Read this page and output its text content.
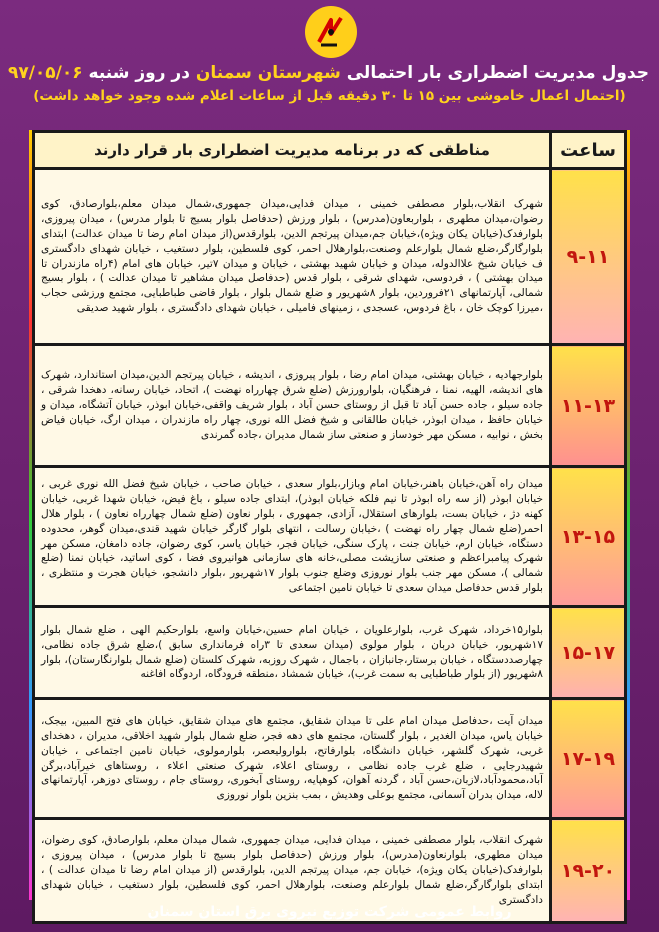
جدول مدیریت اضطراری بار احتمالی شهرستان سمنان در روز شنبه ۹۷/۰۵/۰۶
(احتمال اعمال خاموشی بین ۱۵ تا ۳۰ دقیقه قبل از ساعات اعلام شده وجود خواهد داشت)
ساعت	مناطقی که در برنامه مدیریت اضطراری بار قرار دارند
۹-۱۱	شهرک انقلاب،بلوار مصطفی خمینی ، میدان فدایی،میدان جمهوری،شمال میدان معلم،بلوارصادق، کوی رضوان،میدان مطهری ، بلواربعاون(مدرس) ، بلوار ورزش (حدفاصل بلوار بسیج تا بلوار مدرس) ، میدان پیروزی، بلوارفدک(خیابان یکان ویژه)،خیابان جم،میدان پیرتجم الدین، بلوارقدس(از میدان امام رضا تا میدان عدالت) ابتدای بلوارگارگر،ضلع شمال بلوارعلم وصنعت،بلوارهلال احمر، کوی فلسطین، بلوار دستغیب ، خیابان شهدای دادگستری ف خیابان شیخ علاالدوله، میدان و خیابان شهید بهشتی ، خیابان و میدان ۷تیر، خیابان های امام (۴راه مازندران تا میدان بهشتی ) ، فردوسی، شهدای شرقی ، بلوار قدس (حدفاصل میدان مشاهیر تا میدان عدالت ) ، بلوار بسیج شمالی، آپارتمانهای ۲۱فروردین، بلوار ۸شهریور و ضلع شمال بلوار ، بلوار قاضی طباطبایی، مجتمع ورزشی حجاب ،میرزا کوچک خان ، باغ فردوس، عسجدی ، زمینهای فامیلی ، خیابان شهدای دادگستری ، بلوار شهید صدیقی
۱۱-۱۳	بلوارجهادیه ، خیابان بهشتی، میدان امام رضا ، بلوار پیروزی ، اندیشه ، خیابان پیرتجم الدین،میدان استاندارد، شهرک های اندیشه، الهیه، نمنا ، فرهنگیان، بلوارورزش (ضلع شرق چهارراه نهضت )، اتحاد، خیابان رسانه، دهخدا شرقی ، جاده سیلو ، جاده حسن آباد تا قبل از روستای حسن آباد ، بلوار شریف واقفی،خیابان ابوذر، خیابان آتشگاه، میدان و خیابان حافظ ، میدان ابوذر، خیابان طالقانی و شیخ فضل الله نوری، چهار راه مازندران ، میدان ارگ، خیابان فیاض بخش ، نوابیه ، مسکن مهر خودساز و صنعتی ساز شمال مدیران ،جاده گمرندی
۱۳-۱۵	میدان راه آهن،خیابان باهنر،خیابان امام وبازار،بلوار سعدی ، خیابان صاحب ، خیابان شیخ فضل الله نوری غربی ، خیابان ابوذر (از سه راه ابوذر تا نیم فلکه خیابان ابوذر)، ابتدای جاده سیلو ، باغ فیض، خیابان شهدا غربی، خیابان کهنه دژ ، خیابان بست، بلوارهای استقلال، آزادی، جمهوری ، بلوار نعاون (ضلع شمال چهارراه نعاون ) ، بلوار هلال احمر(ضلع شمال چهار راه نهضت ) ،خیابان رسالت ، انتهای بلوار گارگر خیابان شهید قندی،میدان گوهر، محدوده دستگاه، خیابان ارم، خیابان جنت ، پارک سنگی، خیابان فجر، خیابان یاسر، کوی رضوان، جاده دامغان، مسکن مهر شهرک پیامبراعظم و صنعتی سازیشت مصلی،خانه های سازمانی هوانیروی فضا ، کوی اساتید، خیابان نمنا (ضلع شمالی )، مسکن مهر جنب بلوار نوروزی وضلع جنوب بلوار ۱۷شهریور ،بلوار دانشجو، خیابان هجرت و منتظری ، بلوار قدس حدفاصل میدان سعدی تا خیابان نامین اجتماعی
۱۵-۱۷	بلوار۱۵خرداد، شهرک غرب، بلوارعلویان ، خیابان امام حسین،خیابان واسع، بلوارحکیم الهی ، ضلع شمال بلوار ۱۷شهریور، خیابان دربان ، بلوار مولوی (میدان سعدی تا ۳راه فرمانداری سابق )،ضلع شرق جاده نظامی، چهارصددستگاه ، خیابان برستار،جانبازان ، باجمال ، شهرک روزبه، شهرک کلستان (ضلع شمال بلوارنگارستان)، بلوار ۸شهریور (از بلوار طباطبایی به سمت غرب)، خیابان شمشاد ،منطقه فرودگاه، اردوگاه افاغنه
۱۷-۱۹	میدان آیت ،حدفاصل میدان امام علی تا میدان شقایق، مجتمع های میدان شقایق، خیابان های فتح المبین، بیجک، خیابان یاس، میدان الغدیر ، بلوار گلستان، مجتمع های دهه فجر، ضلع شمال بلوار شهید اخلاقی، مدیران ، دهخدای غربی، شهرک گلشهر، خیابان دانشگاه، بلوارفاتح، بلوارولیعصر، بلوارمولوی، خیابان نامین اجتماعی ، خیابان شهیدرجایی ، ضلع غرب جاده نظامی ، روستای اعلاء، شهرک صنعتی اعلاء ، روستاهای خیرآباد،برگن آباد،محمودآباد،لازبان،حسن آباد ، گردنه آهوان، کوهپایه، روستای آبخوری، روستای جام ، روستای دوزهر، آپارتمانهای لاله، میدان بدران آسمانی، مجتمع بوعلی وهدیش ، بمب بنزین بلوار نوروزی
۱۹-۲۰	شهرک انقلاب، بلوار مصطفی خمینی ، میدان فدایی، میدان جمهوری، شمال میدان معلم، بلوارصادق، کوی رضوان، میدان مطهری، بلوارنعاون(مدرس)، بلوار ورزش (حدفاصل بلوار بسیج تا بلوار مدرس) ، میدان پیروزی ، بلوارفدک(خیابان یکان ویژه)، خیابان جم، میدان پیرتجم الدین، بلوارقدس (از میدان امام رضا تا میدان عدالت ) ، ابتدای بلوارگارگر،ضلع شمال بلوارعلم وصنعت، بلوارهلال احمر، کوی فلسطین، بلوار دستغیب ، خیابان شهدای دادگستری
روابط عمومی شرکت توزیع نیروی برق استان سمنان
